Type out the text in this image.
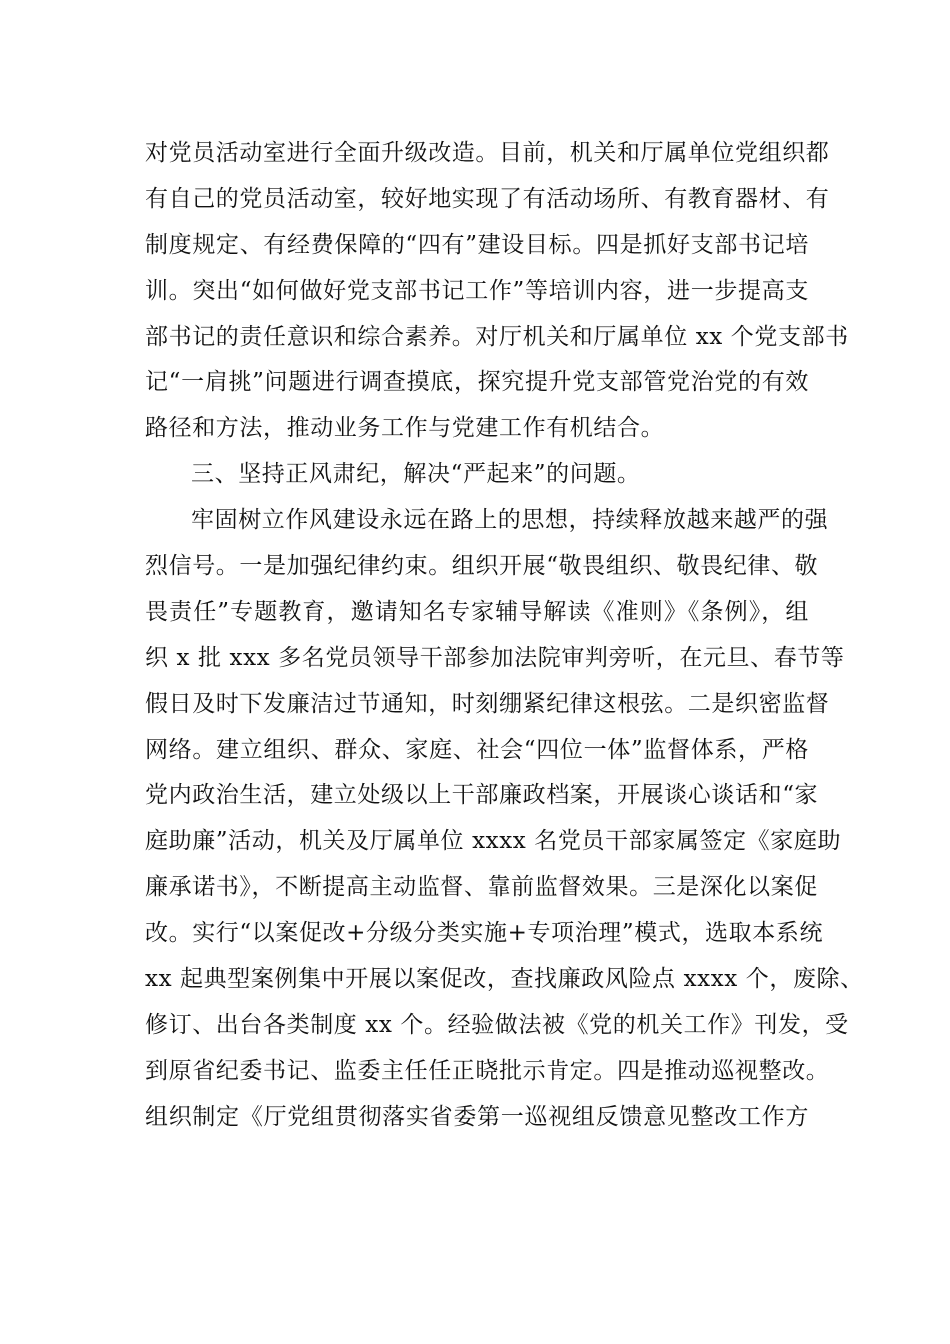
对党员活动室进行全面升级改造。目前，机关和厅属单位党组织都
有自己的党员活动室，较好地实现了有活动场所、有教育器材、有
制度规定、有经费保障的“四有”建设目标。四是抓好支部书记培
训。突出“如何做好党支部书记工作”等培训内容，进一步提高支
部书记的责任意识和综合素养。对厅机关和厅属单位 xx 个党支部书
记“一肩挑”问题进行调查摸底，探究提升党支部管党治党的有效
路径和方法，推动业务工作与党建工作有机结合。
三、坚持正风肃纪，解决“严起来”的问题。
牢固树立作风建设永远在路上的思想，持续释放越来越严的强
烈信号。一是加强纪律约束。组织开展“敬畏组织、敬畏纪律、敬
畏责任”专题教育，邀请知名专家辅导解读《准则》《条例》，组
织 x 批 xxx 多名党员领导干部参加法院审判旁听，在元旦、春节等
假日及时下发廉洁过节通知，时刻绷紧纪律这根弦。二是织密监督
网络。建立组织、群众、家庭、社会“四位一体”监督体系，严格
党内政治生活，建立处级以上干部廉政档案，开展谈心谈话和“家
庭助廉”活动，机关及厅属单位 xxxx 名党员干部家属签定《家庭助
廉承诺书》，不断提高主动监督、靠前监督效果。三是深化以案促
改。实行“以案促改+分级分类实施+专项治理”模式，选取本系统
xx 起典型案例集中开展以案促改，查找廉政风险点 xxxx 个，废除、
修订、出台各类制度 xx 个。经验做法被《党的机关工作》刊发，受
到原省纪委书记、监委主任任正晓批示肯定。四是推动巡视整改。
组织制定《厅党组贯彻落实省委第一巡视组反馈意见整改工作方
